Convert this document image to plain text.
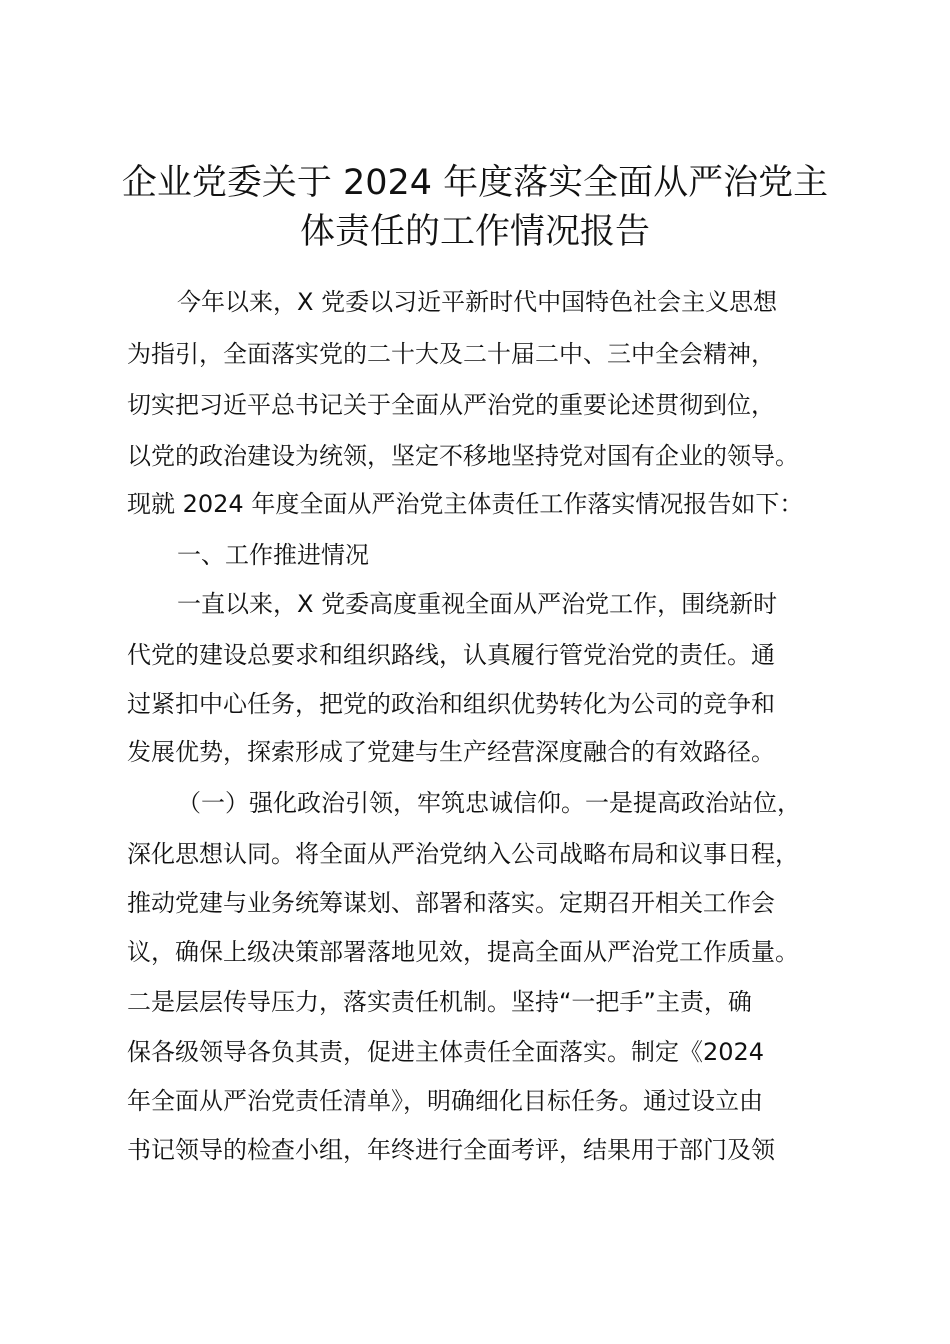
企业党委关于 2024 年度落实全面从严治党主
体责任的工作情况报告
今年以来，X 党委以习近平新时代中国特色社会主义思想
为指引，全面落实党的二十大及二十届二中、三中全会精神，
切实把习近平总书记关于全面从严治党的重要论述贯彻到位，
以党的政治建设为统领，坚定不移地坚持党对国有企业的领导。
现就 2024 年度全面从严治党主体责任工作落实情况报告如下：
一、工作推进情况
一直以来，X 党委高度重视全面从严治党工作，围绕新时
代党的建设总要求和组织路线，认真履行管党治党的责任。通
过紧扣中心任务，把党的政治和组织优势转化为公司的竞争和
发展优势，探索形成了党建与生产经营深度融合的有效路径。
（一）强化政治引领，牢筑忠诚信仰。一是提高政治站位，
深化思想认同。将全面从严治党纳入公司战略布局和议事日程，
推动党建与业务统筹谋划、部署和落实。定期召开相关工作会
议，确保上级决策部署落地见效，提高全面从严治党工作质量。
二是层层传导压力，落实责任机制。坚持“一把手”主责，确
保各级领导各负其责，促进主体责任全面落实。制定《2024
年全面从严治党责任清单》，明确细化目标任务。通过设立由
书记领导的检查小组，年终进行全面考评，结果用于部门及领
